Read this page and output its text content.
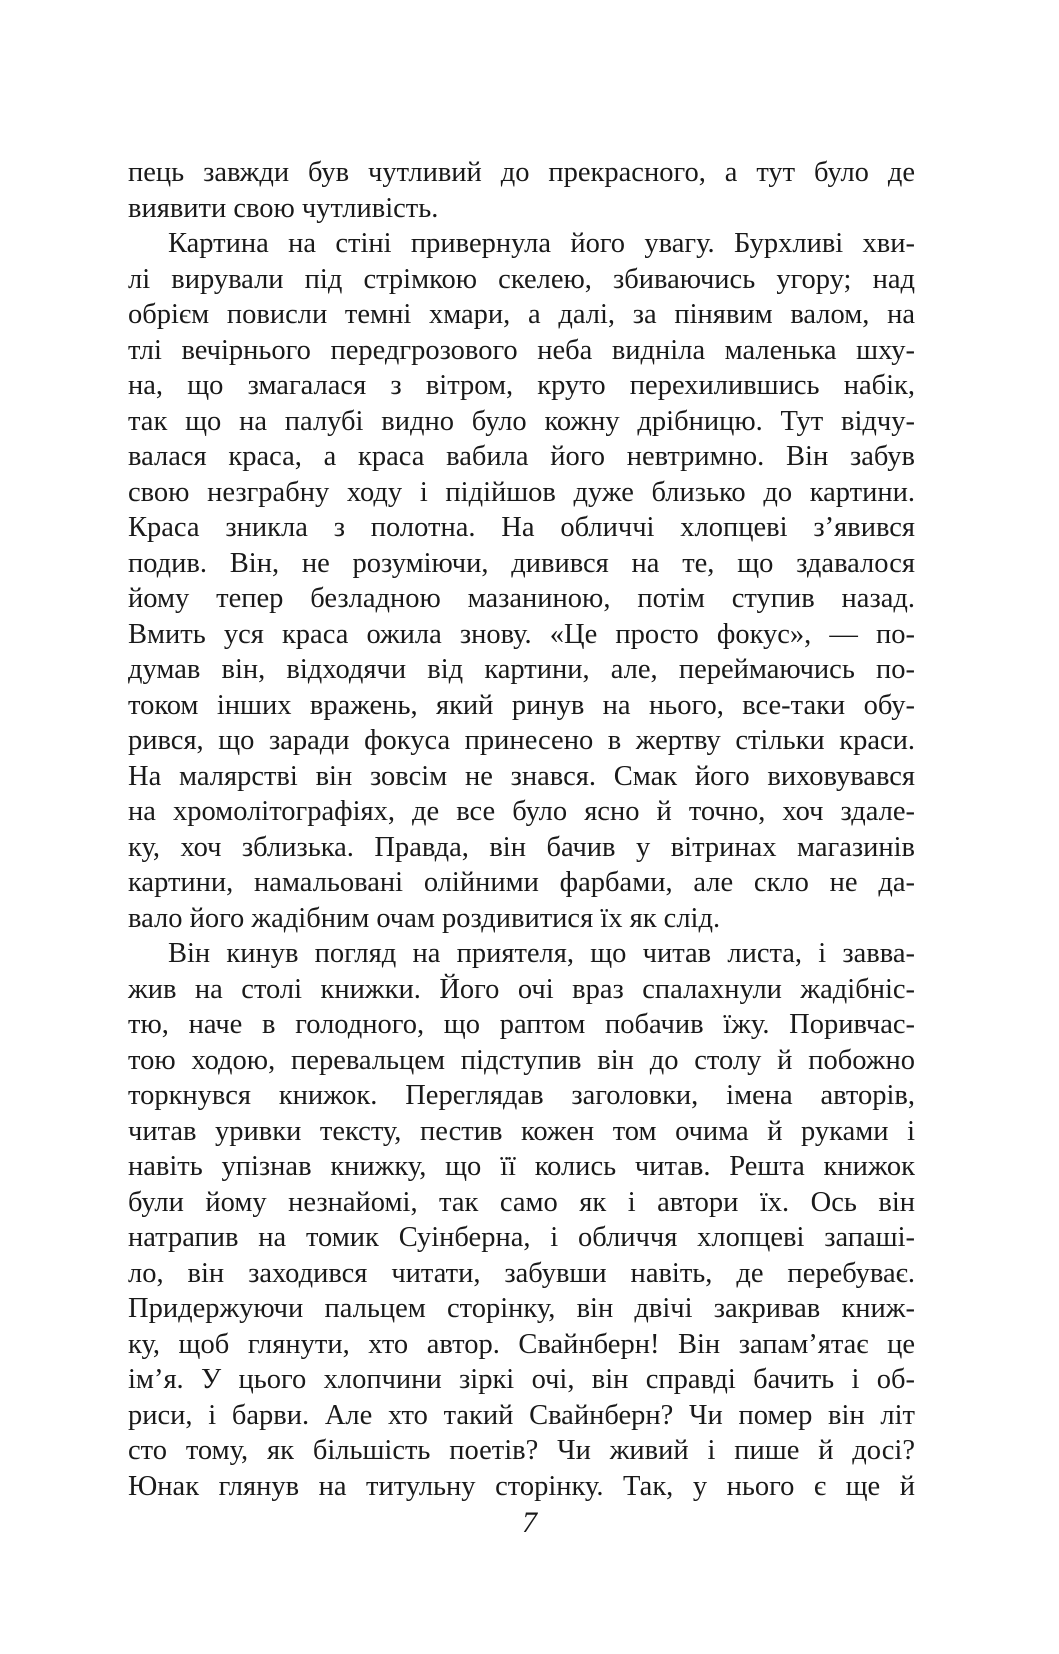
пець завжди був чутливий до прекрасного, а тут було де
виявити свою чутливість.
Картина на стіні привернула його увагу. Бурхливі хви-
лі вирували під стрімкою скелею, збиваючись угору; над
обрієм повисли темні хмари, а далі, за пінявим валом, на
тлі вечірнього передгрозового неба видніла маленька шху-
на, що змагалася з вітром, круто перехилившись набік,
так що на палубі видно було кожну дрібницю. Тут відчу-
валася краса, а краса вабила його невтримно. Він забув
свою незграбну ходу і підійшов дуже близько до картини.
Краса зникла з полотна. На обличчі хлопцеві з’явився
подив. Він, не розуміючи, дивився на те, що здавалося
йому тепер безладною мазаниною, потім ступив назад.
Вмить уся краса ожила знову. «Це просто фокус», — по-
думав він, відходячи від картини, але, переймаючись по-
током інших вражень, який ринув на нього, все-таки обу-
рився, що заради фокуса принесено в жертву стільки краси.
На малярстві він зовсім не знався. Смак його виховувався
на хромолітографіях, де все було ясно й точно, хоч здале-
ку, хоч зблизька. Правда, він бачив у вітринах магазинів
картини, намальовані олійними фарбами, але скло не да-
вало його жадібним очам роздивитися їх як слід.
Він кинув погляд на приятеля, що читав листа, і завва-
жив на столі книжки. Його очі враз спалахнули жадібніс-
тю, наче в голодного, що раптом побачив їжу. Поривчас-
тою ходою, перевальцем підступив він до столу й побожно
торкнувся книжок. Переглядав заголовки, імена авторів,
читав уривки тексту, пестив кожен том очима й руками і
навіть упізнав книжку, що її колись читав. Решта книжок
були йому незнайомі, так само як і автори їх. Ось він
натрапив на томик Суінберна, і обличчя хлопцеві запаші-
ло, він заходився читати, забувши навіть, де перебуває.
Придержуючи пальцем сторінку, він двічі закривав книж-
ку, щоб глянути, хто автор. Свайнберн! Він запам’ятає це
ім’я. У цього хлопчини зіркі очі, він справді бачить і об-
риси, і барви. Але хто такий Свайнберн? Чи помер він літ
сто тому, як більшість поетів? Чи живий і пише й досі?
Юнак глянув на титульну сторінку. Так, у нього є ще й
7
